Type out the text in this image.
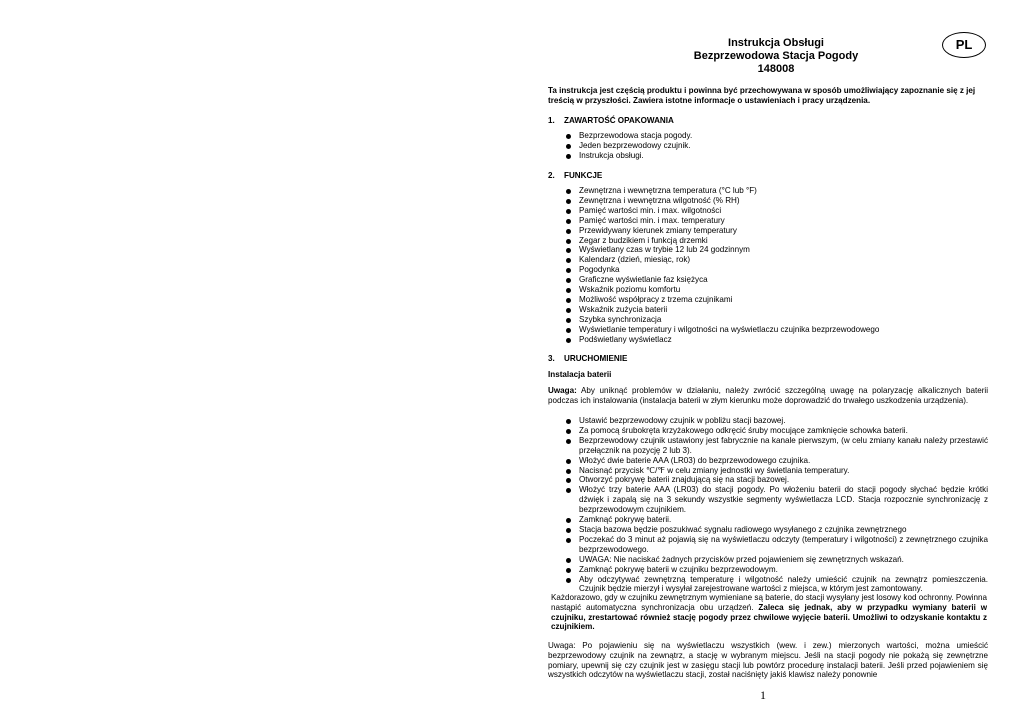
Instrukcja Obsługi
Bezprzewodowa Stacja Pogody
148008
PL
Ta instrukcja jest częścią produktu i powinna być przechowywana w sposób umożliwiający zapoznanie się z jej treścią w przyszłości. Zawiera istotne informacje o ustawieniach i pracy urządzenia.
1. ZAWARTOŚĆ OPAKOWANIA
Bezprzewodowa stacja pogody.
Jeden bezprzewodowy czujnik.
Instrukcja obsługi.
2. FUNKCJE
Zewnętrzna i wewnętrzna temperatura (°C lub °F)
Zewnętrzna i wewnętrzna wilgotność (% RH)
Pamięć wartości min. i max. wilgotności
Pamięć wartości min. i max. temperatury
Przewidywany kierunek zmiany temperatury
Zegar z budzikiem i funkcją drzemki
Wyświetlany czas w trybie 12 lub 24 godzinnym
Kalendarz (dzień, miesiąc, rok)
Pogodynka
Graficzne wyświetlanie faz księżyca
Wskaźnik poziomu komfortu
Możliwość współpracy z trzema czujnikami
Wskaźnik zużycia baterii
Szybka synchronizacja
Wyświetlanie temperatury i wilgotności na wyświetlaczu czujnika bezprzewodowego
Podświetlany wyświetlacz
3. URUCHOMIENIE
Instalacja baterii
Uwaga: Aby uniknąć problemów w działaniu, należy zwrócić szczególną uwagę na polaryzację alkalicznych baterii podczas ich instalowania (instalacja baterii w złym kierunku może doprowadzić do trwałego uszkodzenia urządzenia).
Ustawić bezprzewodowy czujnik w pobliżu stacji bazowej.
Za pomocą śrubokręta krzyżakowego odkręcić śruby mocujące zamknięcie schowka baterii.
Bezprzewodowy czujnik ustawiony jest fabrycznie na kanale pierwszym, (w celu zmiany kanału należy przestawić przełącznik na pozycję 2 lub 3).
Włożyć dwie baterie AAA (LR03) do bezprzewodowego czujnika.
Nacisnąć przycisk ℃/℉ w celu zmiany jednostki wy świetlania temperatury.
Otworzyć pokrywę baterii znajdującą się na stacji bazowej.
Włożyć trzy baterie AAA (LR03) do stacji pogody. Po włożeniu baterii do stacji pogody słychać będzie krótki dźwięk i zapalą się na 3 sekundy wszystkie segmenty wyświetlacza LCD. Stacja rozpocznie synchronizację z bezprzewodowym czujnikiem.
Zamknąć pokrywę baterii.
Stacja bazowa będzie poszukiwać sygnału radiowego wysyłanego z czujnika zewnętrznego
Poczekać do 3 minut aż pojawią się na wyświetlaczu odczyty (temperatury i wilgotności) z zewnętrznego czujnika bezprzewodowego.
UWAGA: Nie naciskać żadnych przycisków przed pojawieniem się zewnętrznych wskazań.
Zamknąć pokrywę baterii w czujniku bezprzewodowym.
Aby odczytywać zewnętrzną temperaturę i wilgotność należy umieścić czujnik na zewnątrz pomieszczenia. Czujnik będzie mierzył i wysyłał zarejestrowane wartości z miejsca, w którym jest zamontowany.
Każdorazowo, gdy w czujniku zewnętrznym wymieniane są baterie, do stacji wysyłany jest losowy kod ochronny. Powinna nastąpić automatyczna synchronizacja obu urządzeń. Zaleca się jednak, aby w przypadku wymiany baterii w czujniku, zrestartować również stację pogody przez chwilowe wyjęcie baterii. Umożliwi to odzyskanie kontaktu z czujnikiem.
Uwaga: Po pojawieniu się na wyświetlaczu wszystkich (wew. i zew.) mierzonych wartości, można umieścić bezprzewodowy czujnik na zewnątrz, a stację w wybranym miejscu. Jeśli na stacji pogody nie pokażą się zewnętrzne pomiary, upewnij się czy czujnik jest w zasięgu stacji lub powtórz procedurę instalacji baterii. Jeśli przed pojawieniem się wszystkich odczytów na wyświetlaczu stacji, został naciśnięty jakiś klawisz należy ponownie
1
